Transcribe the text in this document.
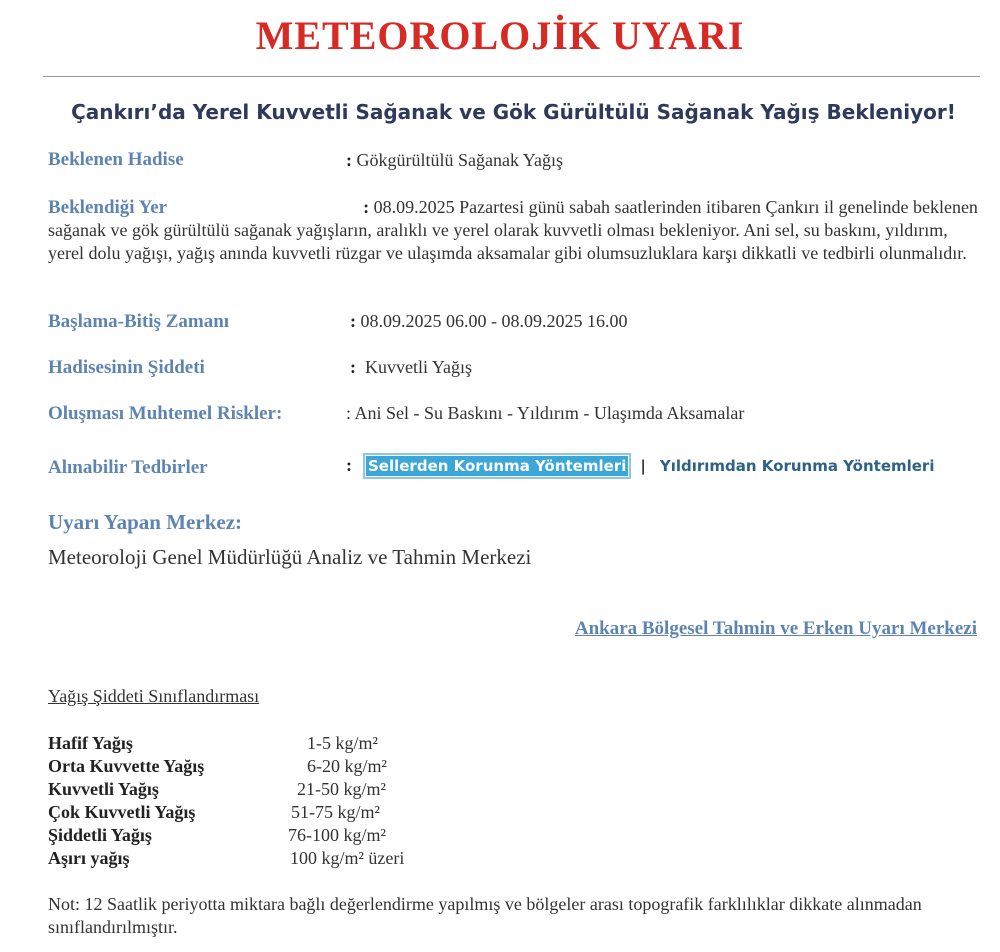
METEOROLOJİK UYARI
Çankırı’da Yerel Kuvvetli Sağanak ve Gök Gürültülü Sağanak Yağış Bekleniyor!
Beklenen Hadise	: Gökgürültülü Sağanak Yağış

Beklendiği Yer	: 08.09.2025 Pazartesi günü sabah saatlerinden itibaren Çankırı il genelinde beklenen sağanak ve gök gürültülü sağanak yağışların, aralıklı ve yerel olarak kuvvetli olması bekleniyor. Ani sel, su baskını, yıldırım, yerel dolu yağışı, yağış anında kuvvetli rüzgar ve ulaşımda aksamalar gibi olumsuzluklara karşı dikkatli ve tedbirli olunmalıdır.

Başlama-Bitiş Zamanı	: 08.09.2025 06.00 - 08.09.2025 16.00
Hadisesinin Şiddeti	: Kuvvetli Yağış
Oluşması Muhtemel Riskler:	: Ani Sel - Su Baskını - Yıldırım - Ulaşımda Aksamalar
Alınabilir Tedbirler	: Sellerden Korunma Yöntemleri | Yıldırımdan Korunma Yöntemleri
Uyarı Yapan Merkez:
Meteoroloji Genel Müdürlüğü Analiz ve Tahmin Merkezi
Ankara Bölgesel Tahmin ve Erken Uyarı Merkezi
Yağış Şiddeti Sınıflandırması
Hafif Yağış	1-5 kg/m²
Orta Kuvvette Yağış	6-20 kg/m²
Kuvvetli Yağış	21-50 kg/m²
Çok Kuvvetli Yağış	51-75 kg/m²
Şiddetli Yağış	76-100 kg/m²
Aşırı yağış	100 kg/m² üzeri

Not: 12 Saatlik periyotta miktara bağlı değerlendirme yapılmış ve bölgeler arası topografik farklılıklar dikkate alınmadan sınıflandırılmıştır.
